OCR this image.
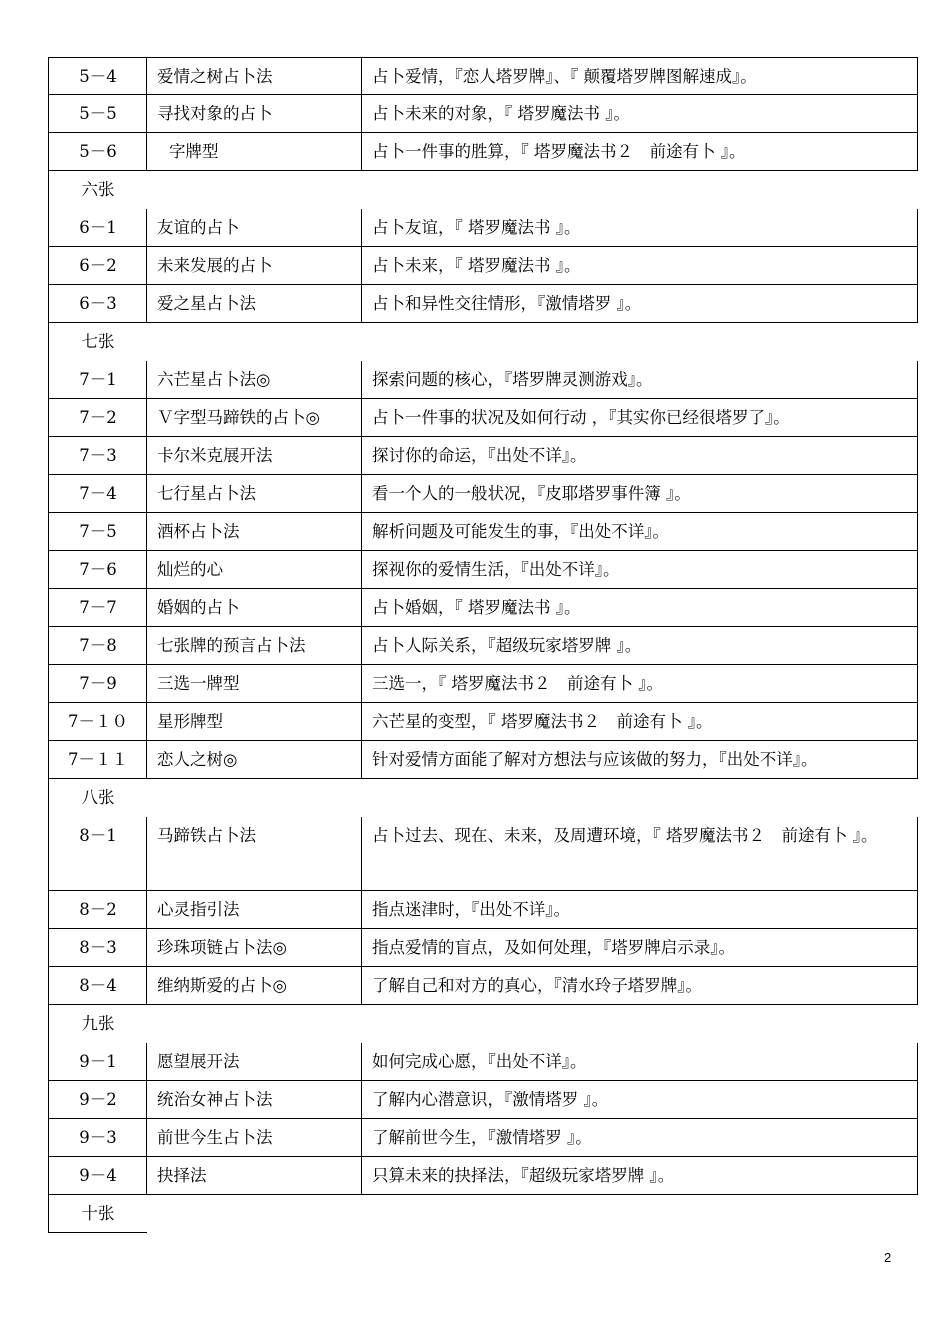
5－4	爱情之树占卜法	占卜爱情，『恋人塔罗牌』、『 颠覆塔罗牌图解速成』。
5－5	寻找对象的占卜	占卜未来的对象，『 塔罗魔法书 』。
5－6	字牌型	占卜一件事的胜算，『 塔罗魔法书２　前途有卜 』。
六张
6－1	友谊的占卜	占卜友谊，『 塔罗魔法书 』。
6－2	未来发展的占卜	占卜未来，『 塔罗魔法书 』。
6－3	爱之星占卜法	占卜和异性交往情形，『激情塔罗 』。
七张
7－1	六芒星占卜法◎	探索问题的核心，『塔罗牌灵测游戏』。
7－2	Ｖ字型马蹄铁的占卜◎	占卜一件事的状况及如何行动 ，『其实你已经很塔罗了』。
7－3	卡尔米克展开法	探讨你的命运，『出处不详』。
7－4	七行星占卜法	看一个人的一般状况，『皮耶塔罗事件簿 』。
7－5	酒杯占卜法	解析问题及可能发生的事，『出处不详』。
7－6	灿烂的心	探视你的爱情生活，『出处不详』。
7－7	婚姻的占卜	占卜婚姻，『 塔罗魔法书 』。
7－8	七张牌的预言占卜法	占卜人际关系，『超级玩家塔罗牌 』。
7－9	三选一牌型	三选一，『 塔罗魔法书２　前途有卜 』。
7－１０	星形牌型	六芒星的变型，『 塔罗魔法书２　前途有卜 』。
7－１１	恋人之树◎	针对爱情方面能了解对方想法与应该做的努力，『出处不详』。
八张
8－1	马蹄铁占卜法	占卜过去、现在、未来，及周遭环境，『 塔罗魔法书２　前途有卜 』。
8－2	心灵指引法	指点迷津时，『出处不详』。
8－3	珍珠项链占卜法◎	指点爱情的盲点，及如何处理，『塔罗牌启示录』。
8－4	维纳斯爱的占卜◎	了解自己和对方的真心，『清水玲子塔罗牌』。
九张
9－1	愿望展开法	如何完成心愿，『出处不详』。
9－2	统治女神占卜法	了解内心潜意识，『激情塔罗 』。
9－3	前世今生占卜法	了解前世今生，『激情塔罗 』。
9－4	抉择法	只算未来的抉择法，『超级玩家塔罗牌 』。
十张
2
